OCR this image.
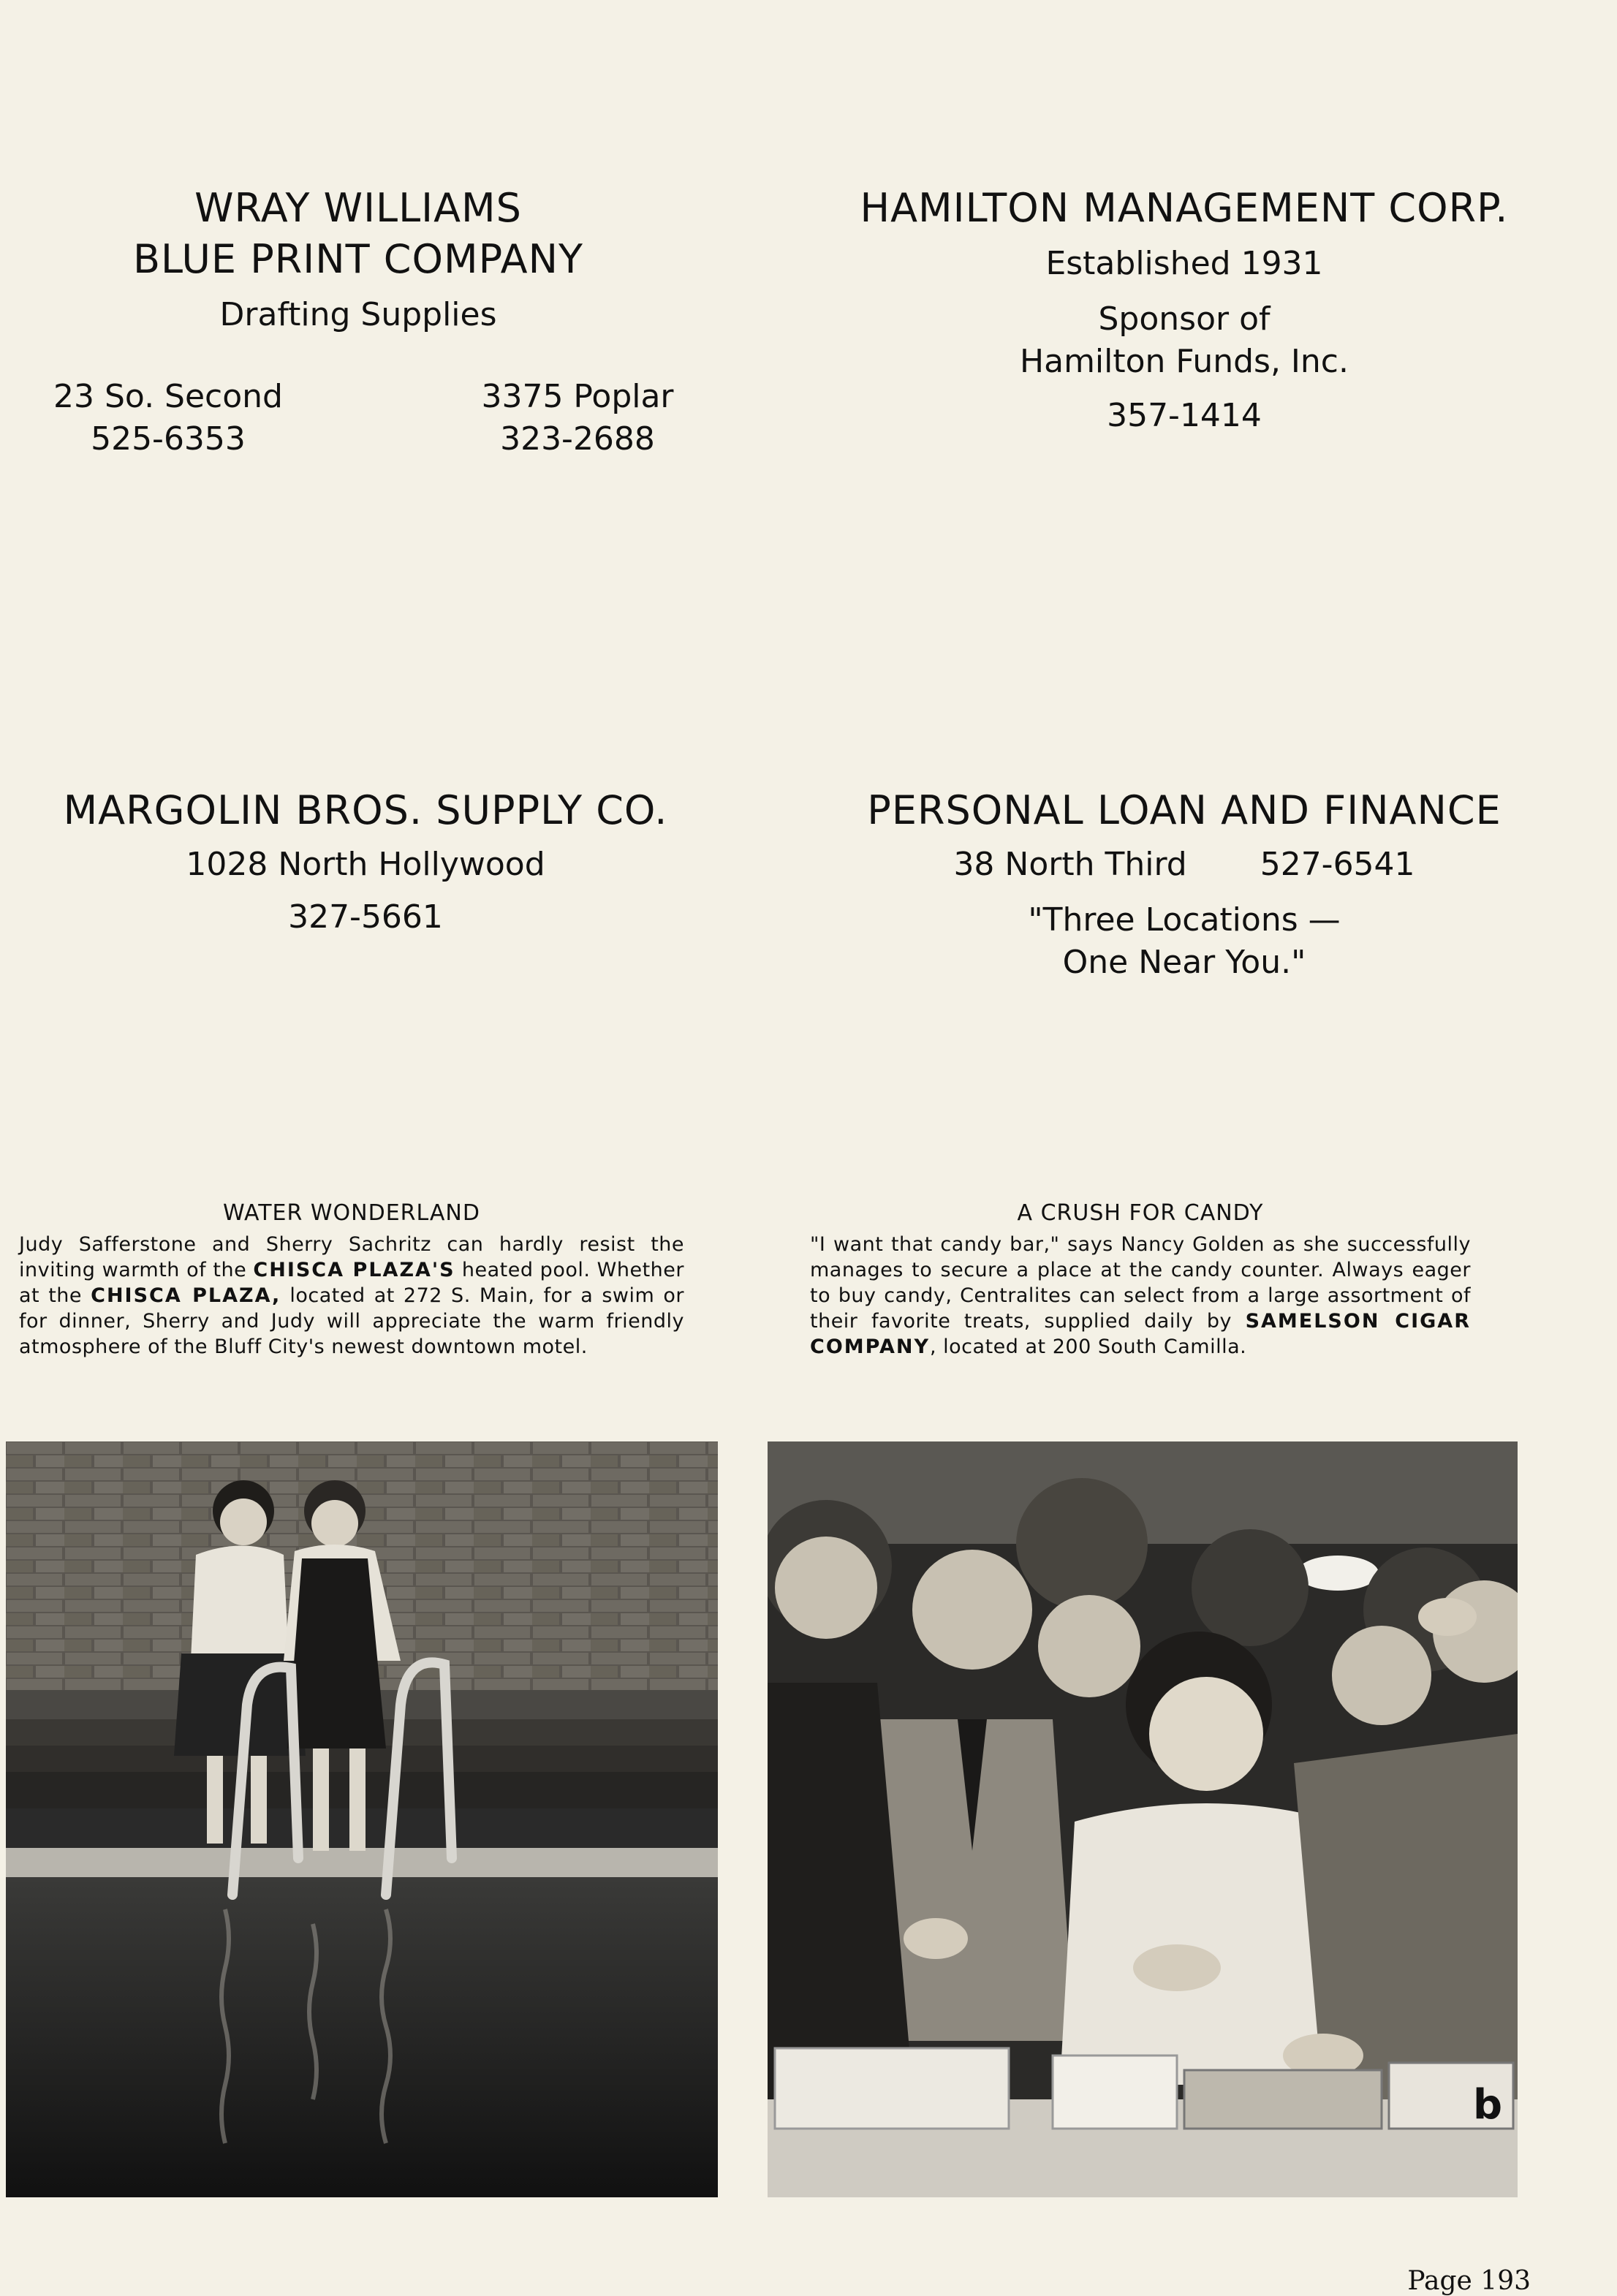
WRAY WILLIAMS
BLUE PRINT COMPANY
Drafting Supplies
23 So. Second
525-6353
3375 Poplar
323-2688
HAMILTON MANAGEMENT CORP.
Established 1931
Sponsor of
Hamilton Funds, Inc.
357-1414
MARGOLIN BROS. SUPPLY CO.
1028 North Hollywood
327-5661
PERSONAL LOAN AND FINANCE
38 North Third 527-6541
"Three Locations —
One Near You."
WATER WONDERLAND
Judy Safferstone and Sherry Sachritz can hardly resist the inviting warmth of the CHISCA PLAZA'S heated pool. Whether at the CHISCA PLAZA, located at 272 S. Main, for a swim or for dinner, Sherry and Judy will appreciate the warm friendly atmosphere of the Bluff City's newest downtown motel.
A CRUSH FOR CANDY
"I want that candy bar," says Nancy Golden as she successfully manages to secure a place at the candy counter. Always eager to buy candy, Centralites can select from a large assortment of their favorite treats, supplied daily by SAMELSON CIGAR COMPANY, located at 200 South Camilla.
b
Page 193
